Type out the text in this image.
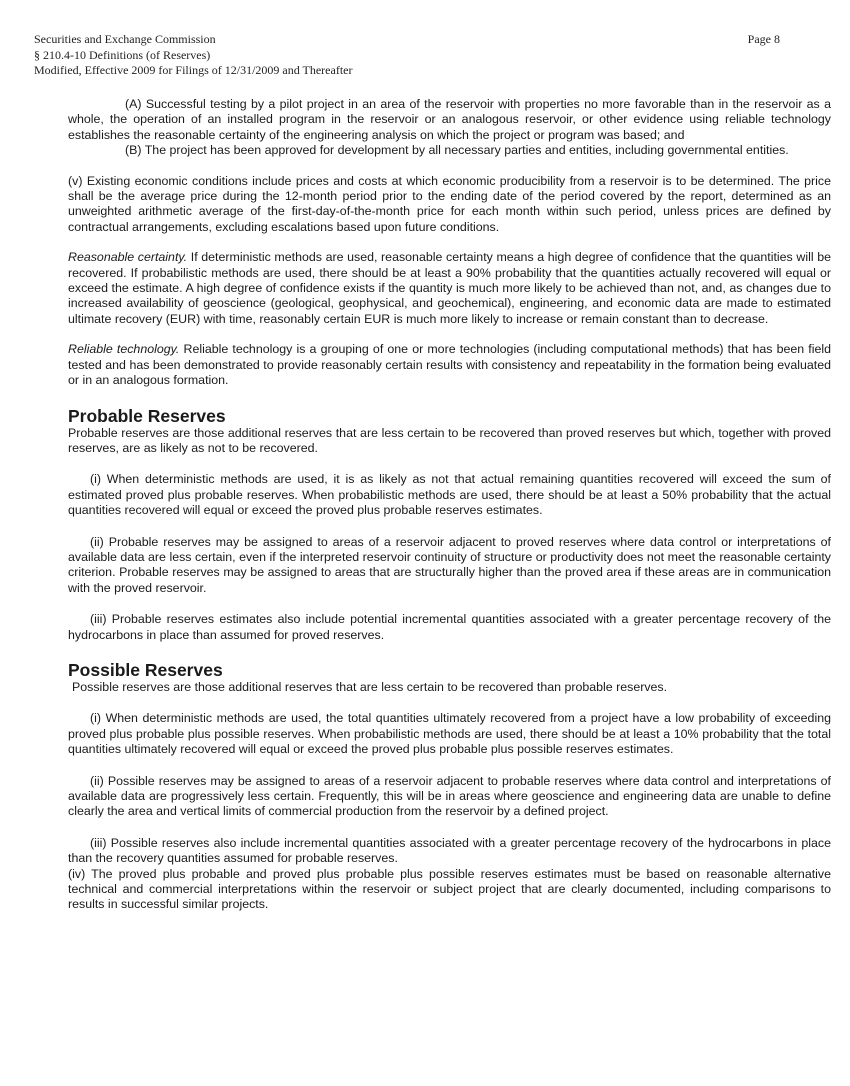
Securities and Exchange Commission	Page 8
§ 210.4-10 Definitions (of Reserves)
Modified, Effective 2009 for Filings of 12/31/2009 and Thereafter

(A) Successful testing by a pilot project in an area of the reservoir with properties no more favorable than in the reservoir as a whole, the operation of an installed program in the reservoir or an analogous reservoir, or other evidence using reliable technology establishes the reasonable certainty of the engineering analysis on which the project or program was based; and

(B) The project has been approved for development by all necessary parties and entities, including governmental entities.

(v) Existing economic conditions include prices and costs at which economic producibility from a reservoir is to be determined. The price shall be the average price during the 12-month period prior to the ending date of the period covered by the report, determined as an unweighted arithmetic average of the first-day-of-the-month price for each month within such period, unless prices are defined by contractual arrangements, excluding escalations based upon future conditions.

Reasonable certainty. If deterministic methods are used, reasonable certainty means a high degree of confidence that the quantities will be recovered. If probabilistic methods are used, there should be at least a 90% probability that the quantities actually recovered will equal or exceed the estimate. A high degree of confidence exists if the quantity is much more likely to be achieved than not, and, as changes due to increased availability of geoscience (geological, geophysical, and geochemical), engineering, and economic data are made to estimated ultimate recovery (EUR) with time, reasonably certain EUR is much more likely to increase or remain constant than to decrease.

Reliable technology. Reliable technology is a grouping of one or more technologies (including computational methods) that has been field tested and has been demonstrated to provide reasonably certain results with consistency and repeatability in the formation being evaluated or in an analogous formation.

Probable Reserves

Probable reserves are those additional reserves that are less certain to be recovered than proved reserves but which, together with proved reserves, are as likely as not to be recovered.

(i) When deterministic methods are used, it is as likely as not that actual remaining quantities recovered will exceed the sum of estimated proved plus probable reserves. When probabilistic methods are used, there should be at least a 50% probability that the actual quantities recovered will equal or exceed the proved plus probable reserves estimates.

(ii) Probable reserves may be assigned to areas of a reservoir adjacent to proved reserves where data control or interpretations of available data are less certain, even if the interpreted reservoir continuity of structure or productivity does not meet the reasonable certainty criterion. Probable reserves may be assigned to areas that are structurally higher than the proved area if these areas are in communication with the proved reservoir.

(iii) Probable reserves estimates also include potential incremental quantities associated with a greater percentage recovery of the hydrocarbons in place than assumed for proved reserves.

Possible Reserves

Possible reserves are those additional reserves that are less certain to be recovered than probable reserves.

(i) When deterministic methods are used, the total quantities ultimately recovered from a project have a low probability of exceeding proved plus probable plus possible reserves. When probabilistic methods are used, there should be at least a 10% probability that the total quantities ultimately recovered will equal or exceed the proved plus probable plus possible reserves estimates.

(ii) Possible reserves may be assigned to areas of a reservoir adjacent to probable reserves where data control and interpretations of available data are progressively less certain. Frequently, this will be in areas where geoscience and engineering data are unable to define clearly the area and vertical limits of commercial production from the reservoir by a defined project.

(iii) Possible reserves also include incremental quantities associated with a greater percentage recovery of the hydrocarbons in place than the recovery quantities assumed for probable reserves.

(iv) The proved plus probable and proved plus probable plus possible reserves estimates must be based on reasonable alternative technical and commercial interpretations within the reservoir or subject project that are clearly documented, including comparisons to results in successful similar projects.
